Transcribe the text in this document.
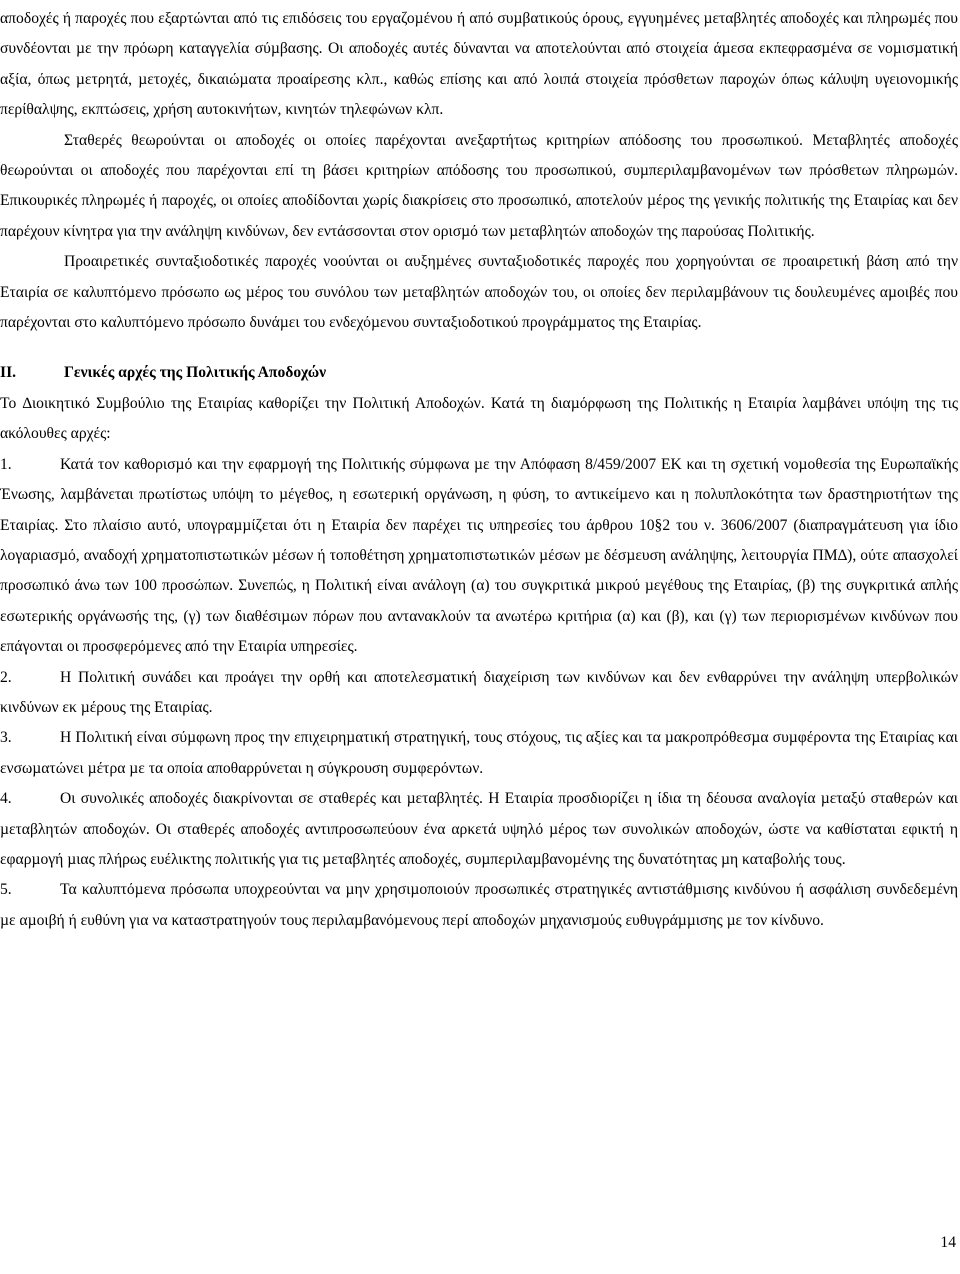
αποδοχές ή παροχές που εξαρτώνται από τις επιδόσεις του εργαζοµένου ή από συµβατικούς όρους, εγγυηµένες µεταβλητές αποδοχές και πληρωµές που συνδέονται µε την πρόωρη καταγγελία σύµβασης. Οι αποδοχές αυτές δύνανται να αποτελούνται από στοιχεία άµεσα εκπεφρασµένα σε νοµισµατική αξία, όπως µετρητά, µετοχές, δικαιώµατα προαίρεσης κλπ., καθώς επίσης και από λοιπά στοιχεία πρόσθετων παροχών όπως κάλυψη υγειονοµικής περίθαλψης, εκπτώσεις, χρήση αυτοκινήτων, κινητών τηλεφώνων κλπ.

Σταθερές θεωρούνται οι αποδοχές οι οποίες παρέχονται ανεξαρτήτως κριτηρίων απόδοσης του προσωπικού. Μεταβλητές αποδοχές θεωρούνται οι αποδοχές που παρέχονται επί τη βάσει κριτηρίων απόδοσης του προσωπικού, συµπεριλαµβανοµένων των πρόσθετων πληρωµών. Επικουρικές πληρωµές ή παροχές, οι οποίες αποδίδονται χωρίς διακρίσεις στο προσωπικό, αποτελούν µέρος της γενικής πολιτικής της Εταιρίας και δεν παρέχουν κίνητρα για την ανάληψη κινδύνων, δεν εντάσσονται στον ορισµό των µεταβλητών αποδοχών της παρούσας Πολιτικής.

Προαιρετικές συνταξιοδοτικές παροχές νοούνται οι αυξηµένες συνταξιοδοτικές παροχές που χορηγούνται σε προαιρετική βάση από την Εταιρία σε καλυπτόµενο πρόσωπο ως µέρος του συνόλου των µεταβλητών αποδοχών του, οι οποίες δεν περιλαµβάνουν τις δουλευµένες αµοιβές που παρέχονται στο καλυπτόµενο πρόσωπο δυνάµει του ενδεχόµενου συνταξιοδοτικού προγράµµατος της Εταιρίας.

ΙΙ.	Γενικές αρχές της Πολιτικής Αποδοχών

Το ∆ιοικητικό Συµβούλιο της Εταιρίας καθορίζει την Πολιτική Αποδοχών. Κατά τη διαµόρφωση της Πολιτικής η Εταιρία λαµβάνει υπόψη της τις ακόλουθες αρχές:

1.	Κατά τον καθορισµό και την εφαρµογή της Πολιτικής σύµφωνα µε την Απόφαση 8/459/2007 ΕΚ και τη σχετική νοµοθεσία της Ευρωπαϊκής Ένωσης, λαµβάνεται πρωτίστως υπόψη το µέγεθος, η εσωτερική οργάνωση, η φύση, το αντικείµενο και η πολυπλοκότητα των δραστηριοτήτων της Εταιρίας. Στο πλαίσιο αυτό, υπογραµµίζεται ότι η Εταιρία δεν παρέχει τις υπηρεσίες του άρθρου 10§2 του ν. 3606/2007 (διαπραγµάτευση για ίδιο λογαριασµό, αναδοχή χρηµατοπιστωτικών µέσων ή τοποθέτηση χρηµατοπιστωτικών µέσων µε δέσµευση ανάληψης, λειτουργία ΠΜ∆), ούτε απασχολεί προσωπικό άνω των 100 προσώπων. Συνεπώς, η Πολιτική είναι ανάλογη (α) του συγκριτικά µικρού µεγέθους της Εταιρίας, (β) της συγκριτικά απλής εσωτερικής οργάνωσής της, (γ) των διαθέσιµων πόρων που αντανακλούν τα ανωτέρω κριτήρια (α) και (β), και (γ) των περιορισµένων κινδύνων που επάγονται οι προσφερόµενες από την Εταιρία υπηρεσίες.

2.	Η Πολιτική συνάδει και προάγει την ορθή και αποτελεσµατική διαχείριση των κινδύνων και δεν ενθαρρύνει την ανάληψη υπερβολικών κινδύνων εκ µέρους της Εταιρίας.

3.	Η Πολιτική είναι σύµφωνη προς την επιχειρηµατική στρατηγική, τους στόχους, τις αξίες και τα µακροπρόθεσµα συµφέροντα της Εταιρίας και ενσωµατώνει µέτρα µε τα οποία αποθαρρύνεται η σύγκρουση συµφερόντων.

4.	Οι συνολικές αποδοχές διακρίνονται σε σταθερές και µεταβλητές. Η Εταιρία προσδιορίζει η ίδια τη δέουσα αναλογία µεταξύ σταθερών και µεταβλητών αποδοχών. Οι σταθερές αποδοχές αντιπροσωπεύουν ένα αρκετά υψηλό µέρος των συνολικών αποδοχών, ώστε να καθίσταται εφικτή η εφαρµογή µιας πλήρως ευέλικτης πολιτικής για τις µεταβλητές αποδοχές, συµπεριλαµβανοµένης της δυνατότητας µη καταβολής τους.

5.	Τα καλυπτόµενα πρόσωπα υποχρεούνται να µην χρησιµοποιούν προσωπικές στρατηγικές αντιστάθµισης κινδύνου ή ασφάλιση συνδεδεµένη µε αµοιβή ή ευθύνη για να καταστρατηγούν τους περιλαµβανόµενους περί αποδοχών µηχανισµούς ευθυγράµµισης µε τον κίνδυνο.

14
